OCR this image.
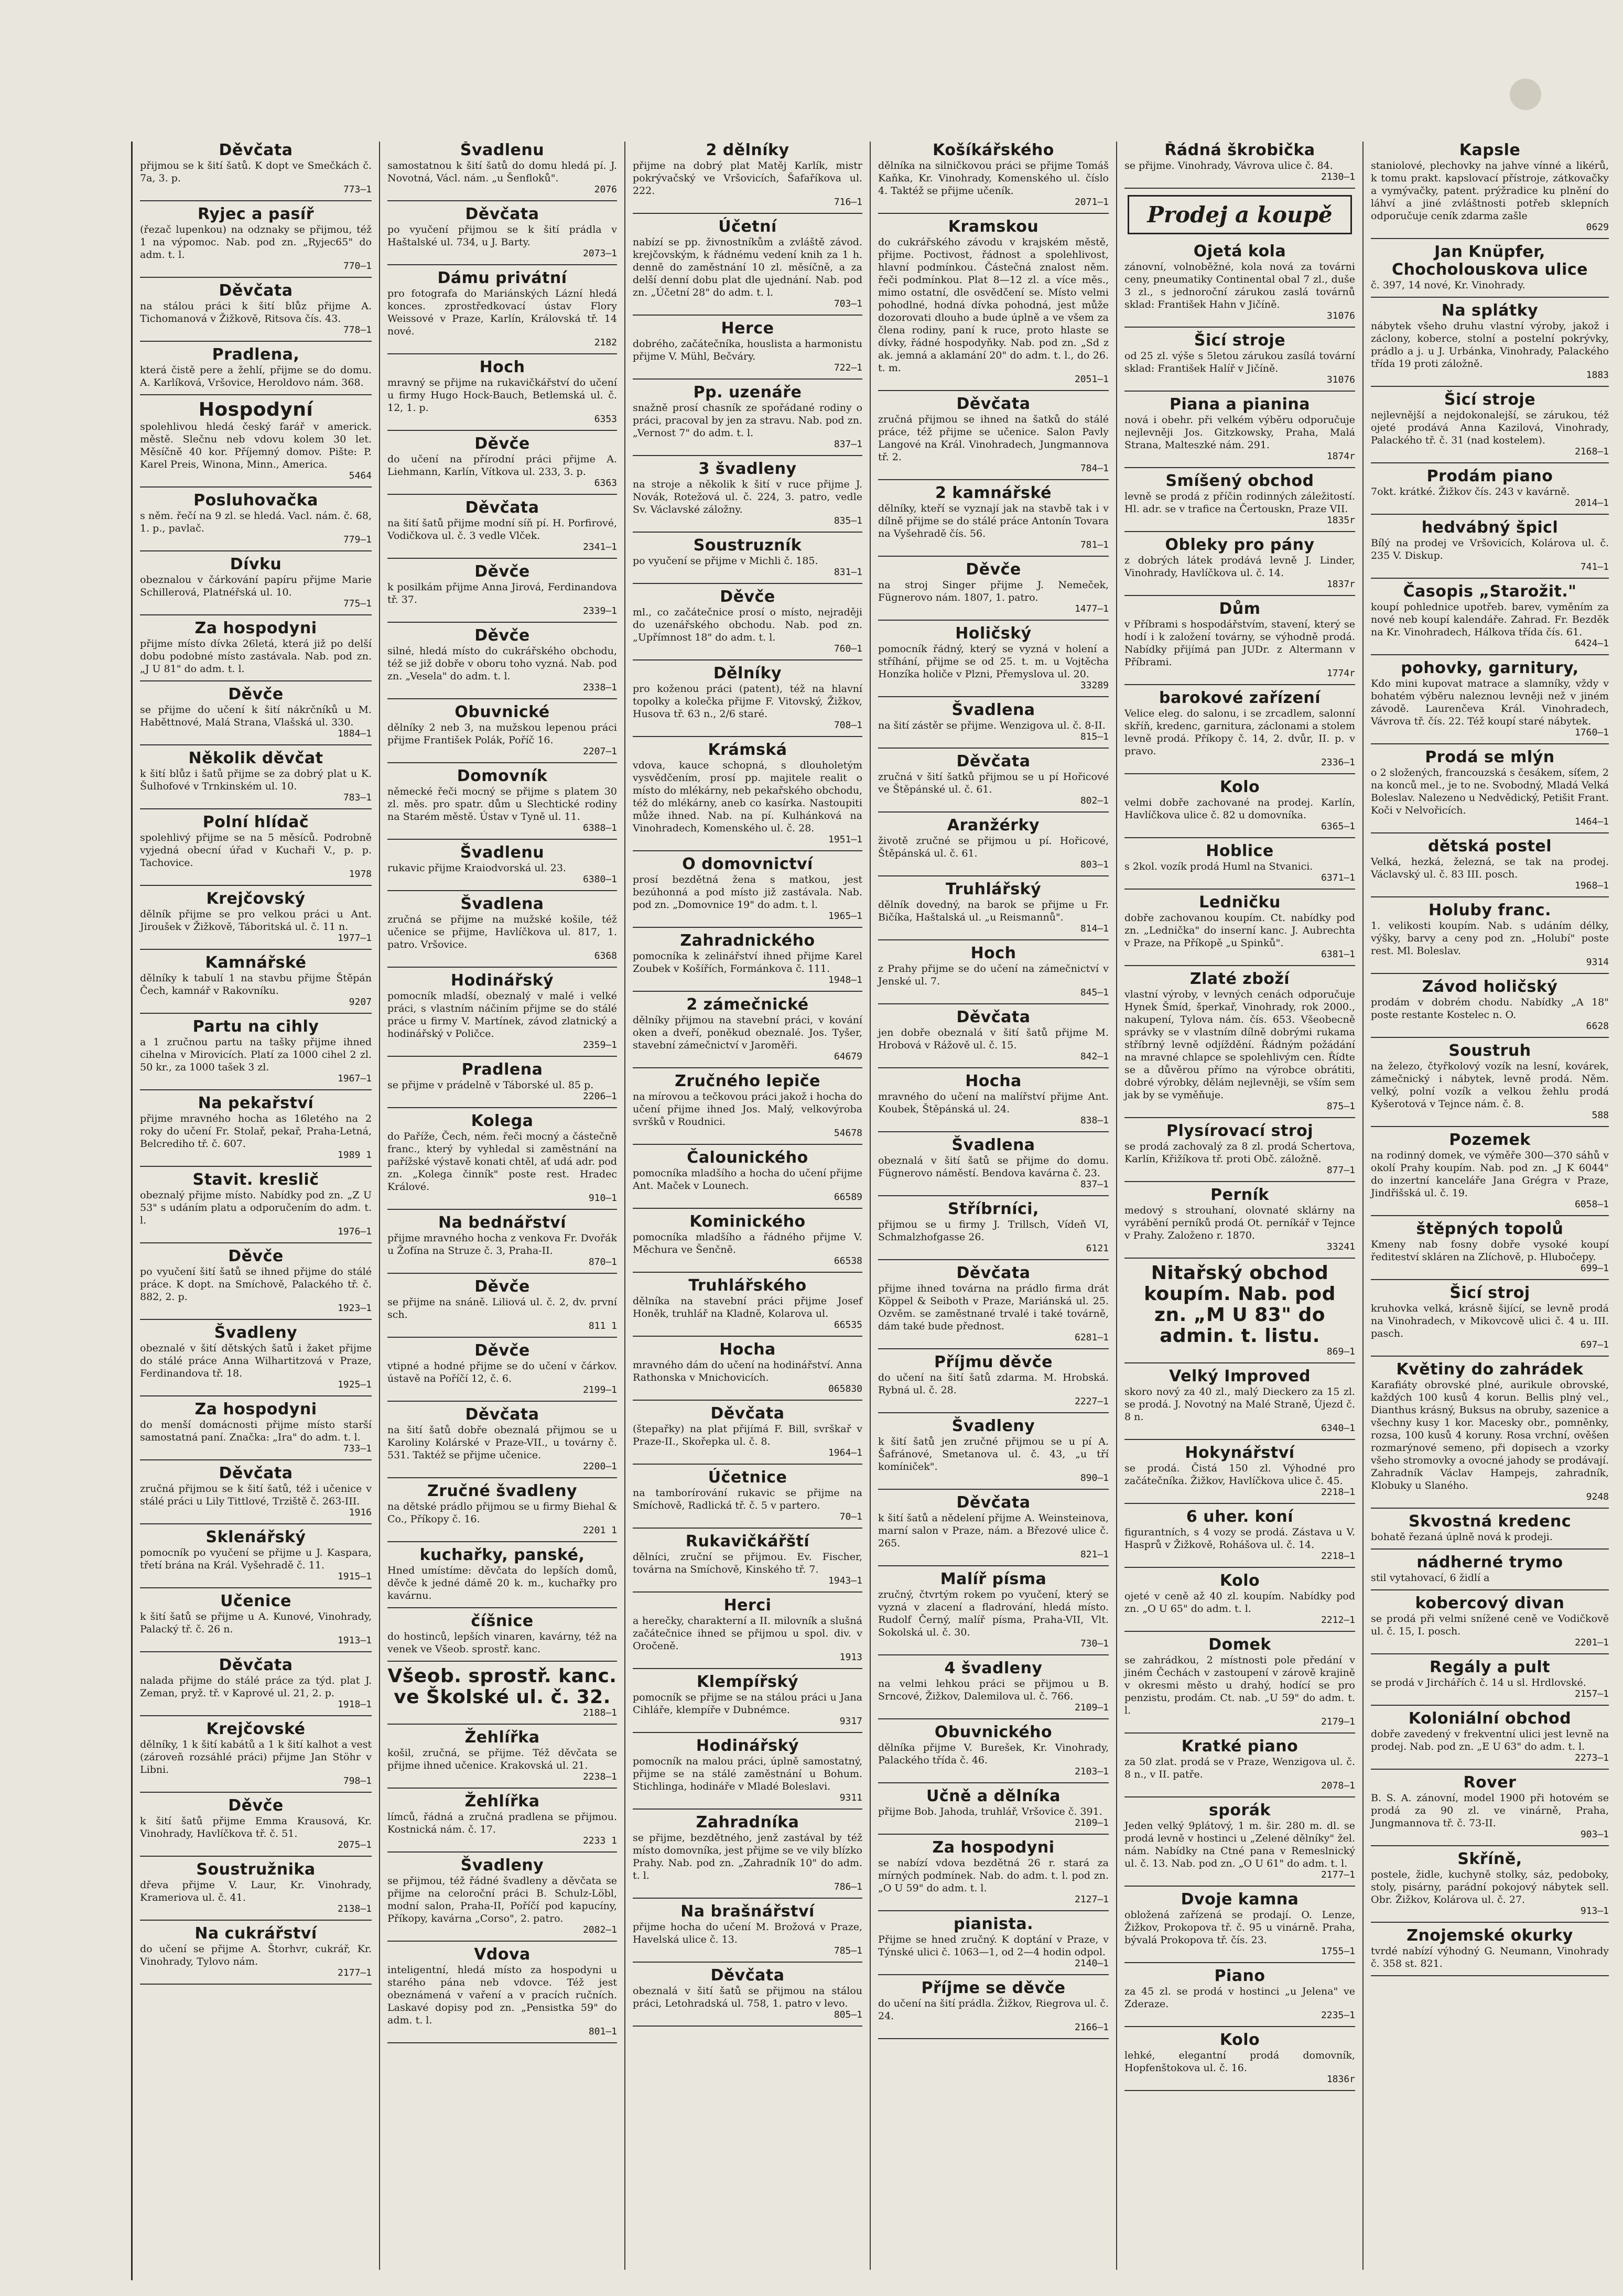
Děvčata

přijmou se k šití šatů. K dopt ve Smečkách č. 7a, 3. p.

773—1
Ryjec a pasíř

(řezač lupenkou) na odznaky se přijmou, též 1 na výpomoc. Nab. pod zn. „Ryjec65" do adm. t. l.

770—1
Děvčata

na stálou práci k šití blůz přijme A. Tichomanová v Žižkově, Ritsova čís. 43.

778—1
Pradlena,

která čistě pere a žehlí, přijme se do domu. A. Karlíková, Vršovice, Heroldovo nám. 368.

Hospodyní

spolehlivou hledá český farář v americk. městě. Slečnu neb vdovu kolem 30 let. Měsíčně 40 kor. Příjemný domov. Pište: P. Karel Preis, Winona, Minn., America.

5464
Posluhovačka

s něm. řečí na 9 zl. se hledá. Vacl. nám. č. 68, 1. p., pavlač.

779—1
Dívku

obeznalou v čárkování papíru přijme Marie Schillerová, Platnéřská ul. 10.

775—1
Za hospodyni

přijme místo dívka 26letá, která již po delší dobu podobné místo zastávala. Nab. pod zn. „J U 81" do adm. t. l.

Děvče

se přijme do učení k šití nákrčníků u M. Haběttnové, Malá Strana, Vlašská ul. 330.

1884—1
Několik děvčat

k šití blůz i šatů přijme se za dobrý plat u K. Šulhofové v Trnkinském ul. 10.

783—1
Polní hlídač

spolehlivý přijme se na 5 měsíců. Podrobně vyjedná obecní úřad v Kuchaři V., p. p. Tachovice.

1978
Krejčovský

dělník přijme se pro velkou práci u Ant. Jiroušek v Žižkově, Táboritská ul. č. 11 n.

1977—1
Kamnářské

dělníky k tabulí 1 na stavbu přijme Štěpán Čech, kamnář v Rakovníku.

9207
Partu na cihly

a 1 zručnou partu na tašky přijme ihned cihelna v Mirovicích. Platí za 1000 cihel 2 zl. 50 kr., za 1000 tašek 3 zl.

1967—1
Na pekařství

přijme mravného hocha as 16letého na 2 roky do učení Fr. Stolař, pekař, Praha-Letná, Belcrediho tř. č. 607.

1989 1
Stavit. kreslič

obeznalý přijme místo. Nabídky pod zn. „Z U 53" s udáním platu a odporučením do adm. t. l.

1976—1
Děvče

po vyučení šití šatů se ihned přijme do stálé práce. K dopt. na Smíchově, Palackého tř. č. 882, 2. p.

1923—1
Švadleny

obeznalé v šití dětských šatů i žaket přijme do stálé práce Anna Wilhartitzová v Praze, Ferdinandova tř. 18.

1925—1
Za hospodyni

do menší domácnosti přijme místo starší samostatná paní. Značka: „Ira" do adm. t. l.

733—1
Děvčata

zručná přijmou se k šití šatů, též i učenice v stálé práci u Lily Tittlové, Trziště č. 263-III.

1916
Sklenářský

pomocník po vyučení se přijme u J. Kaspara, třetí brána na Král. Vyšehradě č. 11.

1915—1
Učenice

k šití šatů se přijme u A. Kunové, Vinohrady, Palacký tř. č. 26 n.

1913—1
Děvčata

nalada přijme do stálé práce za týd. plat J. Zeman, pryž. tř. v Kaprové ul. 21, 2. p.

1918—1
Krejčovské

dělníky, 1 k šití kabátů a 1 k šití kalhot a vest (zároveň rozsáhlé práci) přijme Jan Stöhr v Libni.

798—1
Děvče

k šití šatů přijme Emma Krausová, Kr. Vinohrady, Havlíčkova tř. č. 51.

2075—1
Soustružnika

dřeva přijme V. Laur, Kr. Vinohrady, Krameriova ul. č. 41.

2138—1
Na cukrářství

do učení se přijme A. Štorhvr, cukrář, Kr. Vinohrady, Tylovo nám.

2177—1
Švadlenu

samostatnou k šití šatů do domu hledá pí. J. Novotná, Václ. nám. „u Šenfloků".

2076
Děvčata

po vyučení přijmou se k šití prádla v Haštalské ul. 734, u J. Barty.

2073—1
Dámu privátní

pro fotografa do Mariánských Lázní hledá konces. zprostředkovací ústav Flory Weissové v Praze, Karlín, Královská tř. 14 nové.

2182
Hoch

mravný se přijme na rukavičkářství do učení u firmy Hugo Hock-Bauch, Betlemská ul. č. 12, 1. p.

6353
Děvče

do učení na přírodní práci přijme A. Liehmann, Karlín, Vítkova ul. 233, 3. p.

6363
Děvčata

na šití šatů přijme modní síň pí. H. Porfirové, Vodičkova ul. č. 3 vedle Vlček.

2341—1
Děvče

k posilkám přijme Anna Jirová, Ferdinandova tř. 37.

2339—1
Děvče

silné, hledá místo do cukrářského obchodu, též se již dobře v oboru toho vyzná. Nab. pod zn. „Vesela" do adm. t. l.

2338—1
Obuvnické

dělníky 2 neb 3, na mužskou lepenou práci přijme František Polák, Poříč 16.

2207—1
Domovník

německé řeči mocný se přijme s platem 30 zl. měs. pro spatr. dům u Slechtické rodiny na Starém městě. Ústav v Tyně ul. 11.

6388—1
Švadlenu

rukavic přijme Kraiodvorská ul. 23.

6380—1
Švadlena

zručná se přijme na mužské košile, též učenice se přijme, Havlíčkova ul. 817, 1. patro. Vršovice.

6368
Hodinářský

pomocník mladší, obeznalý v malé i velké práci, s vlastním náčiním přijme se do stálé práce u firmy V. Martínek, závod zlatnický a hodinářský v Poličce.

2359—1
Pradlena

se přijme v prádelně v Táborské ul. 85 p.

2206—1
Kolega

do Paříže, Čech, ném. řeči mocný a částečně franc., který by vyhledal si zaměstnání na pařížské výstavě konati chtěl, ať udá adr. pod zn. „Kolega činník" poste rest. Hradec Králové.

910—1
Na bednářství

přijme mravného hocha z venkova Fr. Dvořák u Žofína na Struze č. 3, Praha-II.

870—1
Děvče

se přijme na snáně. Liliová ul. č. 2, dv. první sch.

811 1
Děvče

vtipné a hodné přijme se do učení v čárkov. ústavě na Poříčí 12, č. 6.

2199—1
Děvčata

na šití šatů dobře obeznalá přijmou se u Karoliny Kolárské v Praze-VII., u továrny č. 531. Taktéž se přijme učenice.

2200—1
Zručné švadleny

na dětské prádlo přijmou se u firmy Biehal & Co., Příkopy č. 16.

2201 1
kuchařky, panské,

Hned umístíme: děvčata do lepších domů, děvče k jedné dámě 20 k. m., kuchařky pro kavárnu.

číšnice

do hostinců, lepších vinaren, kavárny, též na venek ve Všeob. sprostř. kanc.

Všeob. sprostř. kanc. ve Školské ul. č. 32.
2188—1
Žehlířka

košil, zručná, se přijme. Též děvčata se přijme ihned učenice. Krakovská ul. 21.

2238—1
Žehlířka

límců, řádná a zručná pradlena se přijmou. Kostnická nám. č. 17.

2233 1
Švadleny

se přijmou, též řádné švadleny a děvčata se přijme na celoroční práci B. Schulz-Löbl, modní salon, Praha-II, Poříčí pod kapucíny, Příkopy, kavárna „Corso", 2. patro.

2082—1
Vdova

inteligentní, hledá místo za hospodyni u starého pána neb vdovce. Též jest obeznámená v vaření a v pracích ručních. Laskavé dopisy pod zn. „Pensistka 59" do adm. t. l.

801—1
2 dělníky

přijme na dobrý plat Matěj Karlík, mistr pokrývačský ve Vršovicích, Šafaříkova ul. 222.

716—1
Účetní

nabízí se pp. živnostníkům a zvláště závod. krejčovským, k řádnému vedení knih za 1 h. denně do zaměstnání 10 zl. měsíčně, a za delší denní dobu plat dle ujednání. Nab. pod zn. „Účetní 28" do adm. t. l.

703—1
Herce

dobrého, začátečníka, houslista a harmonistu přijme V. Mühl, Bečváry.

722—1
Pp. uzenáře

snažně prosí chasník ze spořádané rodiny o práci, pracoval by jen za stravu. Nab. pod zn. „Vernost 7" do adm. t. l.

837—1
3 švadleny

na stroje a několik k šití v ruce přijme J. Novák, Rotežová ul. č. 224, 3. patro, vedle Sv. Václavské záložny.

835—1
Soustruzník

po vyučení se přijme v Michli č. 185.

831—1
Děvče

ml., co začátečnice prosí o místo, nejraději do uzenářského obchodu. Nab. pod zn. „Upřímnost 18" do adm. t. l.

760—1
Dělníky

pro koženou práci (patent), též na hlavní topolky a kolečka přijme F. Vitovský, Žižkov, Husova tř. 63 n., 2/6 staré.

708—1
Krámská

vdova, kauce schopná, s dlouholetým vysvědčením, prosí pp. majitele realit o místo do mlékárny, neb pekařského obchodu, též do mlékárny, aneb co kasírka. Nastoupiti může ihned. Nab. na pí. Kulhánková na Vinohradech, Komenského ul. č. 28.

1951—1
O domovnictví

prosí bezdětná žena s matkou, jest bezúhonná a pod místo již zastávala. Nab. pod zn. „Domovnice 19" do adm. t. l.

1965—1
Zahradnického

pomocníka k zelinářství ihned přijme Karel Zoubek v Košířích, Formánkova č. 111.

1948—1
2 zámečnické

dělníky přijmou na stavební práci, v kování oken a dveří, poněkud obeznalé. Jos. Tyšer, stavební zámečnictví v Jaroměři.

64679
Zručného lepiče

na mírovou a tečkovou práci jakož i hocha do učení přijme ihned Jos. Malý, velkovýroba svršků v Roudnici.

54678
Čalounického

pomocníka mladšího a hocha do učení přijme Ant. Maček v Lounech.

66589
Kominického

pomocníka mladšího a řádného přijme V. Měchura ve Šenčně.

66538
Truhlářského

dělníka na stavební práci přijme Josef Honěk, truhlář na Kladně, Kolarova ul.

66535
Hocha

mravného dám do učení na hodinářství. Anna Rathonska v Mnichovicích.

065830
Děvčata

(štepařky) na plat přijímá F. Bill, svrškař v Praze-II., Skořepka ul. č. 8.

1964—1
Účetnice

na tamborírování rukavic se přijme na Smíchově, Radlická tř. č. 5 v partero.

70—1
Rukavičkářští

dělníci, zruční se přijmou. Ev. Fischer, továrna na Smíchově, Kinského tř. 7.

1943—1
Herci

a herečky, charakterní a II. milovník a slušná začátečnice ihned se přijmou u spol. div. v Oročeně.

1913
Klempířský

pomocník se přijme se na stálou práci u Jana Cihláře, klempíře v Dubnémce.

9317
Hodinářský

pomocník na malou práci, úplně samostatný, přijme se na stálé zaměstnání u Bohum. Stichlinga, hodináře v Mladé Boleslavi.

9311
Zahradníka

se přijme, bezdětného, jenž zastával by též místo domovníka, jest přijme se ve vily blízko Prahy. Nab. pod zn. „Zahradník 10" do adm. t. l.

786—1
Na brašnářství

přijme hocha do učení M. Brožová v Praze, Havelská ulice č. 13.

785—1
Děvčata

obeznalá v šití šatů se přijmou na stálou práci, Letohradská ul. 758, 1. patro v levo.

805—1
Košíkářského

dělníka na silničkovou práci se přijme Tomáš Kaňka, Kr. Vinohrady, Komenského ul. číslo 4. Taktéž se přijme učeník.

2071—1
Kramskou

do cukrářského závodu v krajském městě, přijme. Poctivost, řádnost a spolehlivost, hlavní podmínkou. Částečná znalost něm. řeči podmínkou. Plat 8—12 zl. a více měs., mimo ostatní, dle osvědčení se. Místo velmi pohodlné, hodná dívka pohodná, jest může dozorovati dlouho a bude úplně a ve všem za člena rodiny, paní k ruce, proto hlaste se dívky, řádné hospodyňky. Nab. pod zn. „Sd z ak. jemná a aklamání 20" do adm. t. l., do 26. t. m.

2051—1
Děvčata

zručná přijmou se ihned na šatků do stálé práce, též přijme se učenice. Salon Pavly Langové na Král. Vinohradech, Jungmannova tř. 2.

784—1
2 kamnářské

dělníky, kteří se vyznají jak na stavbě tak i v dílně přijme se do stálé práce Antonín Tovara na Vyšehradě čís. 56.

781—1
Děvče

na stroj Singer přijme J. Nemeček, Fügnerovo nám. 1807, 1. patro.

1477—1
Holičský

pomocník řádný, který se vyzná v holení a stříhání, přijme se od 25. t. m. u Vojtěcha Honzíka holiče v Plzni, Přemyslova ul. 20.

33289
Švadlena

na šití zástěr se přijme. Wenzigova ul. č. 8-II.

815—1
Děvčata

zručná v šití šatků přijmou se u pí Hořicové ve Štěpánské ul. č. 61.

802—1
Aranžérky

životě zručné se přijmou u pí. Hořicové, Štěpánská ul. č. 61.

803—1
Truhlářský

dělník dovedný, na barok se přijme u Fr. Bičíka, Haštalská ul. „u Reismannů".

814—1
Hoch

z Prahy přijme se do učení na zámečnictví v Jenské ul. 7.

845—1
Děvčata

jen dobře obeznalá v šití šatů přijme M. Hrobová v Rážově ul. č. 15.

842—1
Hocha

mravného do učení na malířství přijme Ant. Koubek, Štěpánská ul. 24.

838—1
Švadlena

obeznalá v šití šatů se přijme do domu. Fügnerovo náměstí. Bendova kavárna č. 23.

837—1
Stříbrníci,

přijmou se u firmy J. Trillsch, Vídeň VI, Schmalzhofgasse 26.

6121
Děvčata

přijme ihned továrna na prádlo firma drát Köppel & Seiboth v Praze, Mariánská ul. 25. Ozvěm. se zaměstnané trvalé i také továrně, dám také bude přednost.

6281—1
Příjmu děvče

do učení na šití šatů zdarma. M. Hrobská. Rybná ul. č. 28.

2227—1
Švadleny

k šití šatů jen zručné přijmou se u pí A. Šafránové, Smetanova ul. č. 43, „u tří komíniček".

890—1
Děvčata

k šití šatů a nědelení přijme A. Weinsteinova, marní salon v Praze, nám. a Březové ulice č. 265.

821—1
Malíř písma

zručný, čtvrtým rokem po vyučení, který se vyzná v zlacení a fladrování, hledá místo. Rudolf Černý, malíř písma, Praha-VII, Vlt. Sokolská ul. č. 30.

730—1
4 švadleny

na velmi lehkou práci se přijmou u B. Srncové, Žižkov, Dalemilova ul. č. 766.

2109—1
Obuvnického

dělníka přijme V. Burešek, Kr. Vinohrady, Palackého třída č. 46.

2103—1
Učně a dělníka

přijme Bob. Jahoda, truhlář, Vršovice č. 391.

2109—1
Za hospodyni

se nabízí vdova bezdětná 26 r. stará za mírných podmínek. Nab. do adm. t. l. pod zn. „O U 59" do adm. t. l.

2127—1
pianista.

Přijme se hned zručný. K doptání v Praze, v Týnské ulici č. 1063—1, od 2—4 hodin odpol.

2140—1
Příjme se děvče

do učení na šití prádla. Žižkov, Riegrova ul. č. 24.

2166—1
Řádná škrobička

se přijme. Vinohrady, Vávrova ulice č. 84.

2130—1
Prodej a koupě
Ojetá kola

zánovní, volnoběžné, kola nová za továrni ceny, pneumatiky Continental obal 7 zl., duše 3 zl., s jednoroční zárukou zaslá továrnů sklad: František Hahn v Jičíně.

31076
Šicí stroje

od 25 zl. výše s 5letou zárukou zasílá tovární sklad: František Halíř v Jičíně.

31076
Piana a pianina

nová i obehr. při velkém výběru odporučuje nejlevněji Jos. Gitzkowsky, Praha, Malá Strana, Malteszké nám. 291.

1874r
Smíšený obchod

levně se prodá z příčin rodinných záležitostí. Hl. adr. se v trafice na Čertouskn, Praze VII.

1835r
Obleky pro pány

z dobrých látek prodává levně J. Linder, Vinohrady, Havlíčkova ul. č. 14.

1837r
Dům

v Příbrami s hospodářstvím, stavení, který se hodí i k založení továrny, se výhodně prodá. Nabídky přijímá pan JUDr. z Altermann v Příbrami.

1774r
barokové zařízení

Velice eleg. do salonu, i se zrcadlem, salonní skříň, kredenc, garnitura, záclonami a stolem levně prodá. Příkopy č. 14, 2. dvůr, II. p. v pravo.

2336—1
Kolo

velmi dobře zachované na prodej. Karlín, Havlíčkova ulice č. 82 u domovníka.

6365—1
Hoblice

s 2kol. vozík prodá Huml na Stvanici.

6371—1
Ledničku

dobře zachovanou koupím. Ct. nabídky pod zn. „Lednička" do inserní kanc. J. Aubrechta v Praze, na Příkopě „u Spinků".

6381—1
Zlaté zboží

vlastní výroby, v levných cenách odporučuje Hynek Šmíd, šperkař, Vinohrady, rok 2000., nakupení, Tylova nám. čís. 653. Všeobecně správky se v vlastním dílně dobrými rukama stříbrný levně odjíždění. Řádným požádání na mravné chlapce se spolehlivým cen. Řídte se a důvěrou přímo na výrobce obrátiti, dobré výrobky, dělám nejlevněji, se vším sem jak by se vyměňuje.

875—1
Plysírovací stroj

se prodá zachovalý za 8 zl. prodá Schertova, Karlín, Křižíkova tř. proti Obč. záložně.

877—1
Perník

medový s strouhaní, olovnaté sklárny na vyrábění perníků prodá Ot. perníkář v Tejnce v Prahy. Založeno r. 1870.

33241
Nitařský obchod koupím. Nab. pod zn. „M U 83" do admin. t. listu.
869—1
Velký Improved

skoro nový za 40 zl., malý Dieckero za 15 zl. se prodá. J. Novotný na Malé Straně, Újezd č. 8 n.

6340—1
Hokynářství

se prodá. Čistá 150 zl. Výhodné pro začátečníka. Žižkov, Havlíčkova ulice č. 45.

2218—1
6 uher. koní

figurantních, s 4 vozy se prodá. Zástava u V. Hasprů v Žižkově, Rohášova ul. č. 14.

2218—1
Kolo

ojeté v ceně až 40 zl. koupím. Nabídky pod zn. „O U 65" do adm. t. l.

2212—1
Domek

se zahrádkou, 2 místnosti pole předání v jiném Čechách v zastoupení v zárově krajině v okresmi město u drahý, hodící se pro penzistu, prodám. Ct. nab. „U 59" do adm. t. l.

2179—1
Kratké piano

za 50 zlat. prodá se v Praze, Wenzigova ul. č. 8 n., v II. patře.

2078—1
sporák

Jeden velký 9plátový, 1 m. šir. 280 m. dl. se prodá levně v hostinci u „Zelené dělníky" žel. nám. Nabídky na Ctné pana v Remeslnický ul. č. 13. Nab. pod zn. „O U 61" do adm. t. l.

2177—1
Dvoje kamna

obložená zařízená se prodají. O. Lenze, Žižkov, Prokopova tř. č. 95 u vinárně. Praha, bývalá Prokopova tř. čís. 23.

1755—1
Piano

za 45 zl. se prodá v hostinci „u Jelena" ve Zderaze.

2235—1
Kolo

lehké, elegantní prodá domovník, Hopfenštokova ul. č. 16.

1836r
Kapsle

staniolové, plechovky na jahve vínné a likérů, k tomu prakt. kapslovací přístroje, zátkovačky a vymývačky, patent. prýžradice ku plnění do láhví a jiné zvláštnosti potřeb sklepních odporučuje ceník zdarma zašle

0629
Jan Knüpfer, Chocholouskova ulice

č. 397, 14 nové, Kr. Vinohrady.

Na splátky

nábytek všeho druhu vlastní výroby, jakož i záclony, koberce, stolní a postelní pokrývky, prádlo a j. u J. Urbánka, Vinohrady, Palackého třída 19 proti záložně.

1883
Šicí stroje

nejlevnější a nejdokonalejší, se zárukou, též ojeté prodává Anna Kazilová, Vinohrady, Palackého tř. č. 31 (nad kostelem).

2168—1
Prodám piano

7okt. krátké. Žižkov čís. 243 v kavárně.

2014—1
hedvábný špicl

Bílý na prodej ve Vršovicích, Kolárova ul. č. 235 V. Diskup.

741—1
Časopis „Starožit."

koupí pohlednice upotřeb. barev, vyměním za nové neb koupí kalendáře. Zahrad. Fr. Bezděk na Kr. Vinohradech, Hálkova třída čís. 61.

6424—1
pohovky, garnitury,

Kdo mini kupovat matrace a slamníky, vždy v bohatém výběru naleznou levněji než v jiném závodě. Laurenčeva Král. Vinohradech, Vávrova tř. čís. 22. Též koupí staré nábytek.

1760—1
Prodá se mlýn

o 2 složených, francouzská s česákem, síťem, 2 na konců mel., je to ne. Svobodný, Mladá Velká Boleslav. Nalezeno u Nedvědický, Petišit Frant. Koči v Nelvořicích.

1464—1
dětská postel

Velká, hezká, železná, se tak na prodej. Václavský ul. č. 83 III. posch.

1968—1
Holuby franc.

1. velikosti koupím. Nab. s udáním délky, výšky, barvy a ceny pod zn. „Holubí" poste rest. Ml. Boleslav.

9314
Závod holičský

prodám v dobrém chodu. Nabídky „A 18" poste restante Kostelec n. O.

6628
Soustruh

na železo, čtyřkolový vozík na lesní, kovárek, zámečnický i nábytek, levně prodá. Něm. velký, polní vozík a velkou žehlu prodá Kyšerotová v Tejnce nám. č. 8.

588
Pozemek

na rodinný domek, ve výměře 300—370 sáhů v okolí Prahy koupím. Nab. pod zn. „J K 6044" do inzertní kanceláře Jana Grégra v Praze, Jindřišská ul. č. 19.

6058—1
štěpných topolů

Kmeny nab fosny dobře vysoké koupí řediteství skláren na Zlíchově, p. Hlubočepy.

699—1
Šicí stroj

kruhovka velká, krásně šijící, se levně prodá na Vinohradech, v Mikovcově ulici č. 4 u. III. pasch.

697—1
Květiny do zahrádek

Karafiáty obrovské plné, aurikule obrovské, každých 100 kusů 4 korun. Bellis plný vel., Dianthus krásný, Buksus na obruby, sazenice a všechny kusy 1 kor. Macesky obr., pomněnky, rozsa, 100 kusů 4 koruny. Rosa vrchní, ověšen rozmarýnové semeno, při dopisech a vzorky všeho stromovky a ovocné jahody se prodávají. Zahradník Václav Hampejs, zahradník, Klobuky u Slaného.

9248
Skvostná kredenc

bohatě řezaná úplně nová k prodeji.

nádherné trymo

stil vytahovací, 6 židlí a

kobercový divan

se prodá při velmi snížené ceně ve Vodičkově ul. č. 15, I. posch.

2201—1
Regály a pult

se prodá v Jirchářích č. 14 u sl. Hrdlovské.

2157—1
Koloniální obchod

dobře zavedený v frekventní ulici jest levně na prodej. Nab. pod zn. „E U 63" do adm. t. l.

2273—1
Rover

B. S. A. zánovní, model 1900 při hotovém se prodá za 90 zl. ve vinárně, Praha, Jungmannova tř. č. 73-II.

903—1
Skříně,

postele, židle, kuchyně stolky, sáz, pedoboky, stoly, pisárny, parádní pokojový nábytek sell. Obr. Žižkov, Kolárova ul. č. 27.

913—1
Znojemské okurky

tvrdé nabízí výhodný G. Neumann, Vinohrady č. 358 st. 821.
